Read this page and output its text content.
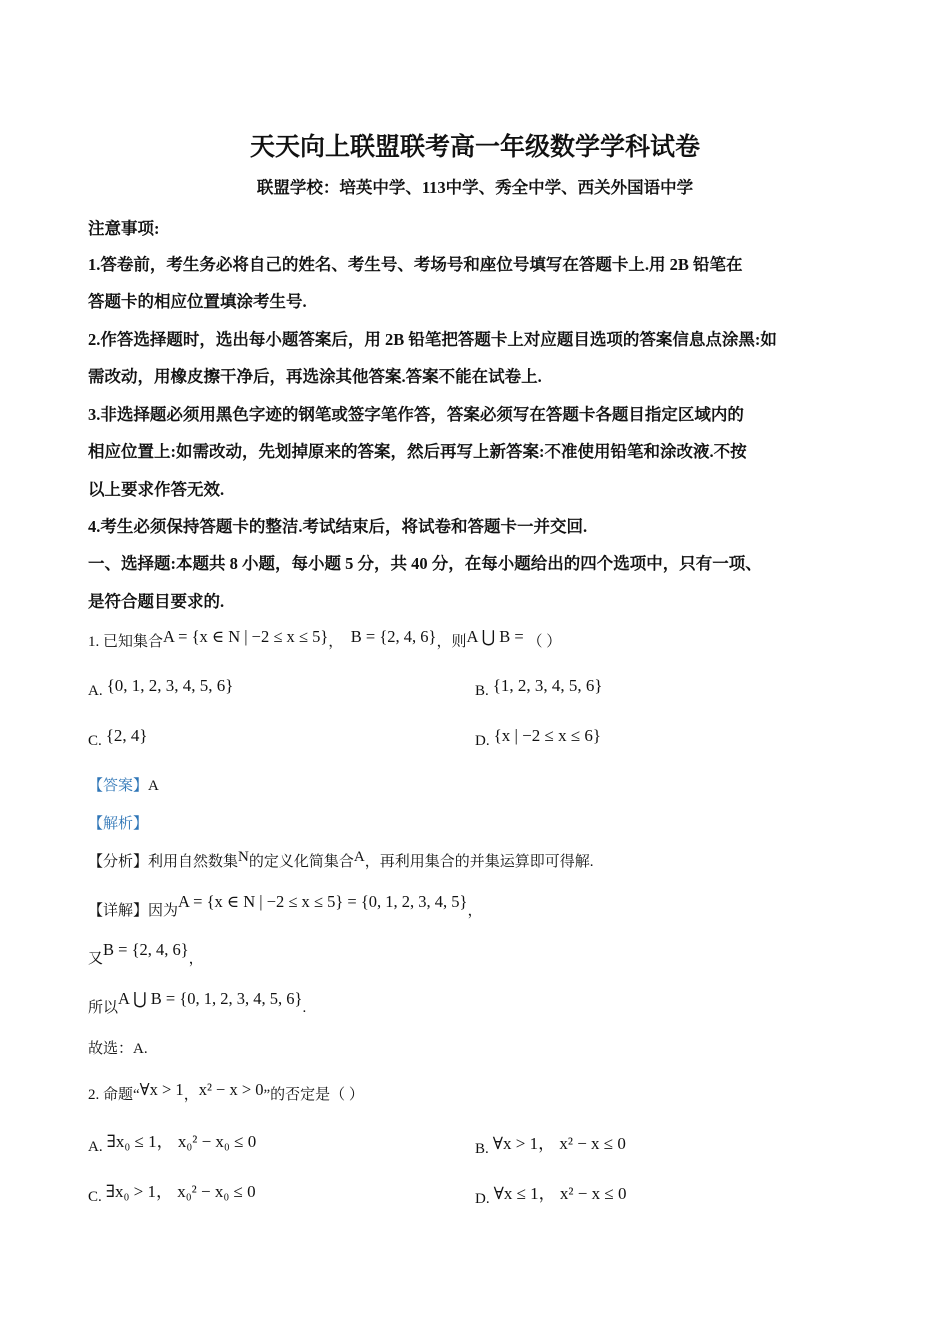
天天向上联盟联考高一年级数学学科试卷
联盟学校：培英中学、113中学、秀全中学、西关外国语中学
注意事项:
1.答卷前，考生务必将自己的姓名、考生号、考场号和座位号填写在答题卡上.用 2B 铅笔在
答题卡的相应位置填涂考生号.
2.作答选择题时，选出每小题答案后，用 2B 铅笔把答题卡上对应题目选项的答案信息点涂黑:如
需改动，用橡皮擦干净后，再选涂其他答案.答案不能在试卷上.
3.非选择题必须用黑色字迹的钢笔或签字笔作答，答案必须写在答题卡各题目指定区域内的
相应位置上:如需改动，先划掉原来的答案，然后再写上新答案:不准使用铅笔和涂改液.不按
以上要求作答无效.
4.考生必须保持答题卡的整洁.考试结束后，将试卷和答题卡一并交回.
一、选择题:本题共 8 小题，每小题 5 分，共 40 分，在每小题给出的四个选项中，只有一项、
是符合题目要求的.
1. 已知集合A = {x ∈ N | −2 ≤ x ≤ 5}， B = {2, 4, 6}，则A ⋃ B = （ ）
A. {0, 1, 2, 3, 4, 5, 6}	B. {1, 2, 3, 4, 5, 6}
C. {2, 4}	D. {x | −2 ≤ x ≤ 6}
【答案】A
【解析】
【分析】利用自然数集N的定义化简集合A，再利用集合的并集运算即可得解.
【详解】因为A = {x ∈ N | −2 ≤ x ≤ 5} = {0, 1, 2, 3, 4, 5}，
又B = {2, 4, 6}，
所以A ⋃ B = {0, 1, 2, 3, 4, 5, 6}.
故选：A.
2. 命题“∀x > 1，x² − x > 0”的否定是（ ）
A. ∃x₀ ≤ 1， x₀² − x₀ ≤ 0	B. ∀x > 1， x² − x ≤ 0
C. ∃x₀ > 1， x₀² − x₀ ≤ 0	D. ∀x ≤ 1， x² − x ≤ 0
